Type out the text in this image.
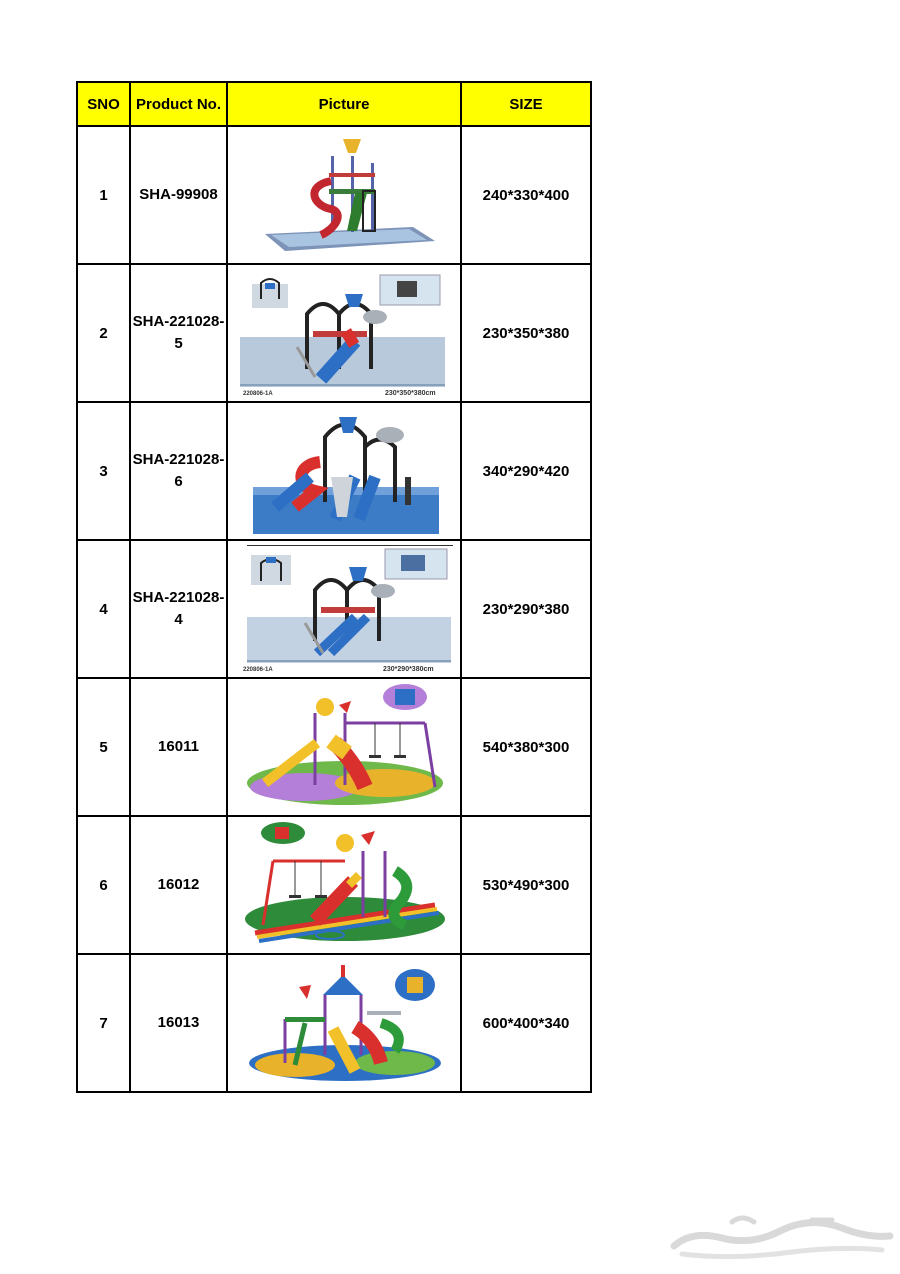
SNO	Product No.	Picture	SIZE
1	SHA-99908		240*330*400
2	SHA-221028-5	220806-1A 230*350*380cm	230*350*380
3	SHA-221028-6		340*290*420
4	SHA-221028-4	220806-1A 230*290*380cm	230*290*380
5	16011		540*380*300
6	16012		530*490*300
7	16013		600*400*340
